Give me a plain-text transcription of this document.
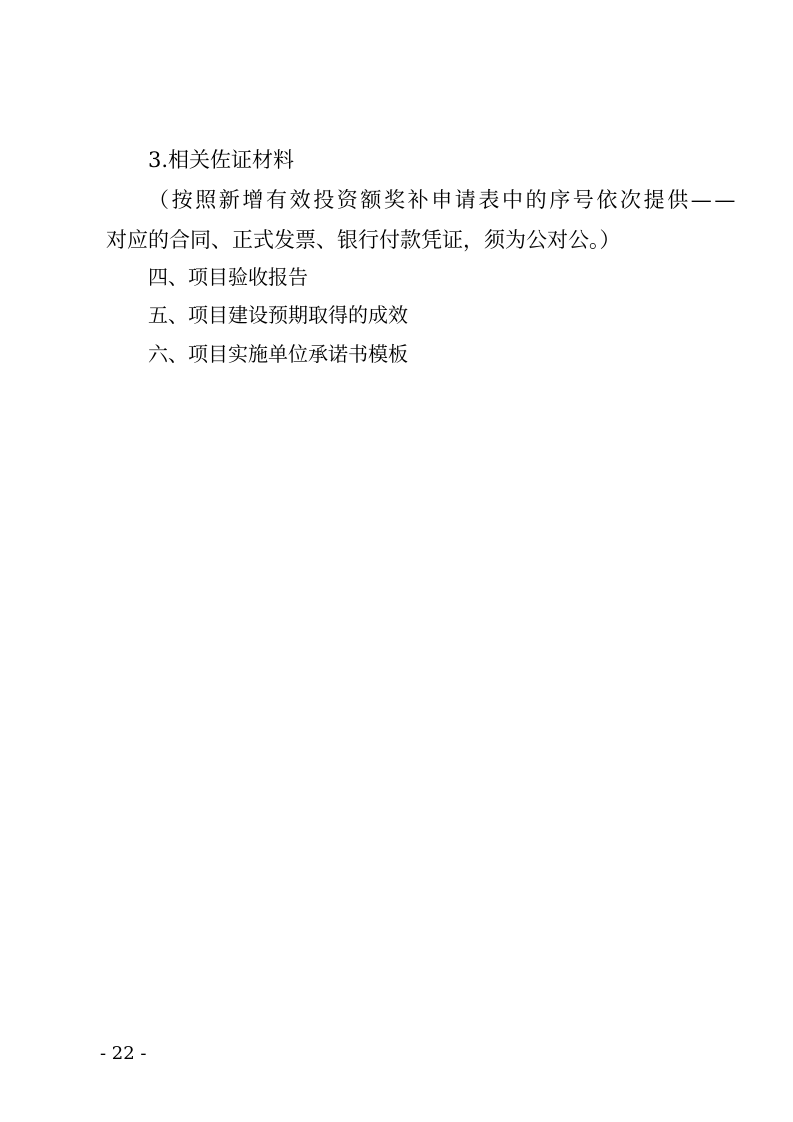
3.相关佐证材料
（按照新增有效投资额奖补申请表中的序号依次提供——
对应的合同、正式发票、银行付款凭证，须为公对公。）
四、项目验收报告
五、项目建设预期取得的成效
六、项目实施单位承诺书模板
- 22 -
